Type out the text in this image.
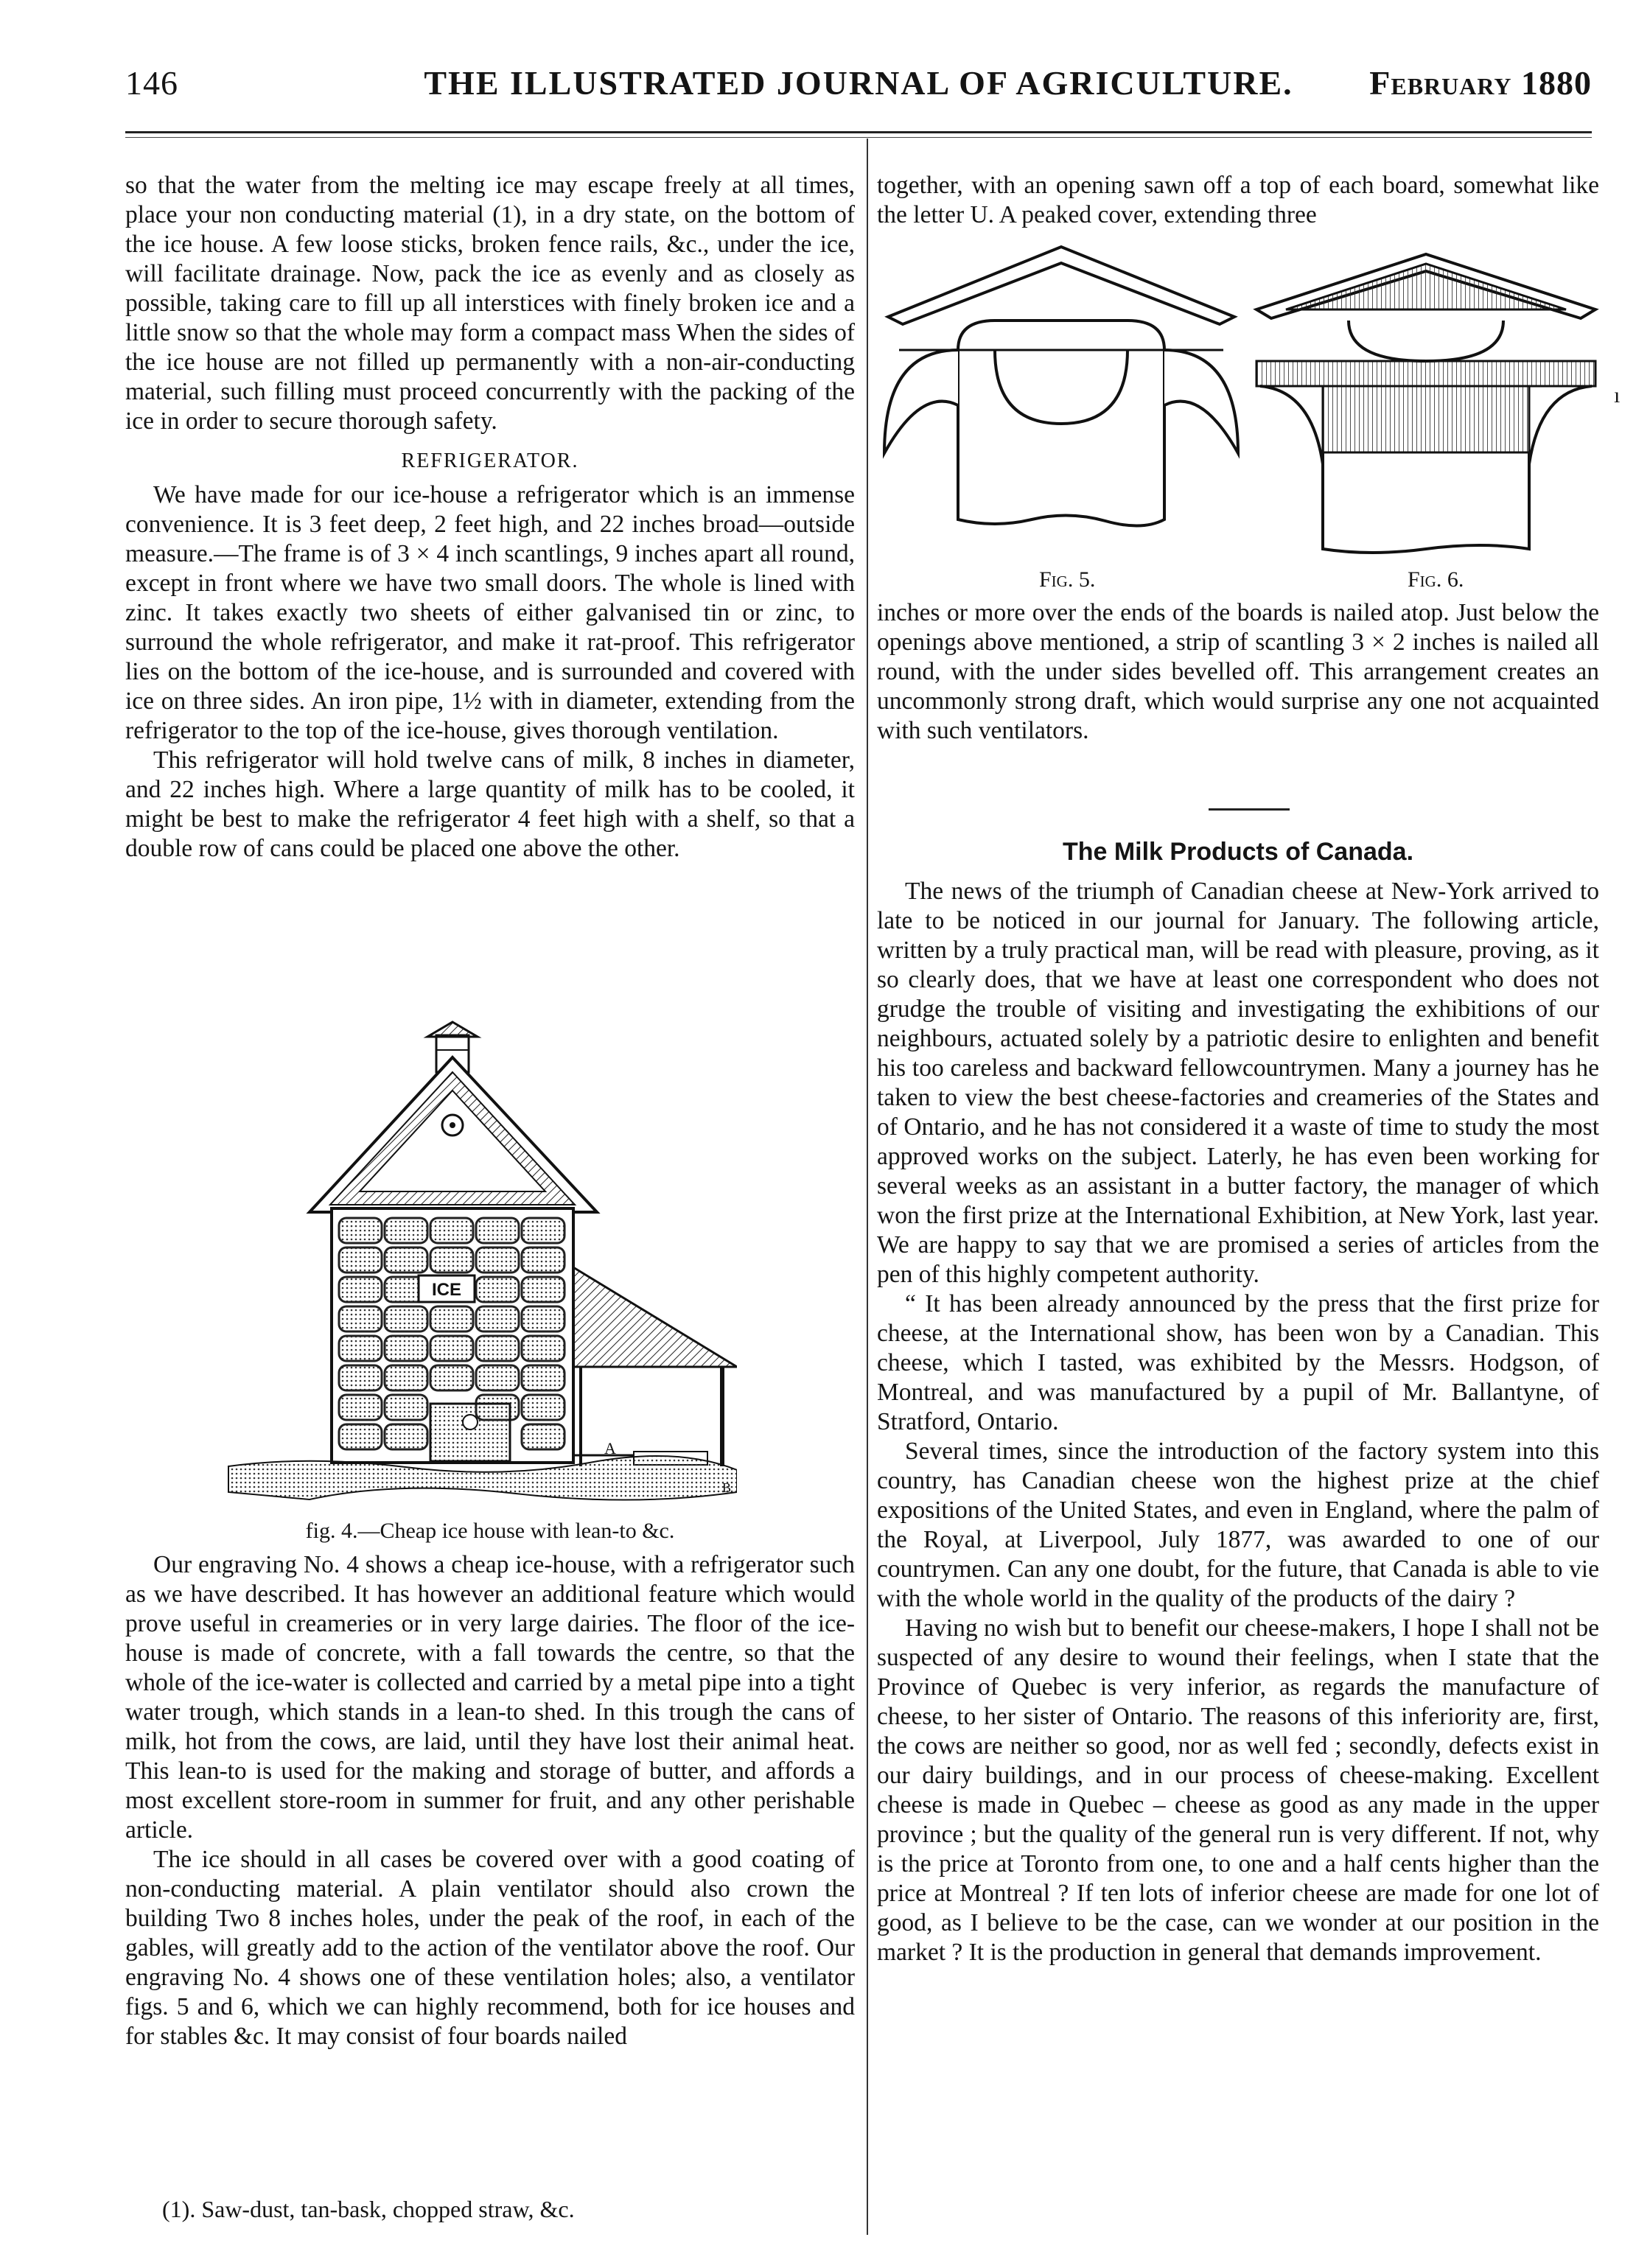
146	THE ILLUSTRATED JOURNAL OF AGRICULTURE.	February 1880

so that the water from the melting ice may escape freely at all times, place your non conducting material (1), in a dry state, on the bottom of the ice house. A few loose sticks, broken fence rails, &c., under the ice, will facilitate drainage. Now, pack the ice as evenly and as closely as possible, taking care to fill up all interstices with finely broken ice and a little snow so that the whole may form a compact mass When the sides of the ice house are not filled up permanently with a non-air-conducting material, such filling must proceed concurrently with the packing of the ice in order to secure thorough safety.

REFRIGERATOR.

We have made for our ice-house a refrigerator which is an immense convenience. It is 3 feet deep, 2 feet high, and 22 inches broad—outside measure.—The frame is of 3 × 4 inch scantlings, 9 inches apart all round, except in front where we have two small doors. The whole is lined with zinc. It takes exactly two sheets of either galvanised tin or zinc, to surround the whole refrigerator, and make it rat-proof. This refrigerator lies on the bottom of the ice-house, and is surrounded and covered with ice on three sides. An iron pipe, 1½ with in diameter, extending from the refrigerator to the top of the ice-house, gives thorough ventilation.

This refrigerator will hold twelve cans of milk, 8 inches in diameter, and 22 inches high. Where a large quantity of milk has to be cooled, it might be best to make the refrigerator 4 feet high with a shelf, so that a double row of cans could be placed one above the other.

ICE
A
fig. 4.—Cheap ice house with lean-to &c.

Our engraving No. 4 shows a cheap ice-house, with a refrigerator such as we have described. It has however an additional feature which would prove useful in creameries or in very large dairies. The floor of the ice-house is made of concrete, with a fall towards the centre, so that the whole of the ice-water is collected and carried by a metal pipe into a tight water trough, which stands in a lean-to shed. In this trough the cans of milk, hot from the cows, are laid, until they have lost their animal heat. This lean-to is used for the making and storage of butter, and affords a most excellent store-room in summer for fruit, and any other perishable article.

The ice should in all cases be covered over with a good coating of non-conducting material. A plain ventilator should also crown the building Two 8 inches holes, under the peak of the roof, in each of the gables, will greatly add to the action of the ventilator above the roof. Our engraving No. 4 shows one of these ventilation holes; also, a ventilator figs. 5 and 6, which we can highly recommend, both for ice houses and for stables &c. It may consist of four boards nailed

(1). Saw-dust, tan-bask, chopped straw, &c.

together, with an opening sawn off a top of each board, somewhat like the letter U. A peaked cover, extending three

Fig. 5.	Fig. 6.

inches or more over the ends of the boards is nailed atop. Just below the openings above mentioned, a strip of scantling 3 × 2 inches is nailed all round, with the under sides bevelled off. This arrangement creates an uncommonly strong draft, which would surprise any one not acquainted with such ventilators.

The Milk Products of Canada.

The news of the triumph of Canadian cheese at New-York arrived to late to be noticed in our journal for January. The following article, written by a truly practical man, will be read with pleasure, proving, as it so clearly does, that we have at least one correspondent who does not grudge the trouble of visiting and investigating the exhibitions of our neighbours, actuated solely by a patriotic desire to enlighten and benefit his too careless and backward fellowcountrymen. Many a journey has he taken to view the best cheese-factories and creameries of the States and of Ontario, and he has not considered it a waste of time to study the most approved works on the subject. Laterly, he has even been working for several weeks as an assistant in a butter factory, the manager of which won the first prize at the International Exhibition, at New York, last year. We are happy to say that we are promised a series of articles from the pen of this highly competent authority.

“ It has been already announced by the press that the first prize for cheese, at the International show, has been won by a Canadian. This cheese, which I tasted, was exhibited by the Messrs. Hodgson, of Montreal, and was manufactured by a pupil of Mr. Ballantyne, of Stratford, Ontario.

Several times, since the introduction of the factory system into this country, has Canadian cheese won the highest prize at the chief expositions of the United States, and even in England, where the palm of the Royal, at Liverpool, July 1877, was awarded to one of our countrymen. Can any one doubt, for the future, that Canada is able to vie with the whole world in the quality of the products of the dairy ?

Having no wish but to benefit our cheese-makers, I hope I shall not be suspected of any desire to wound their feelings, when I state that the Province of Quebec is very inferior, as regards the manufacture of cheese, to her sister of Ontario. The reasons of this inferiority are, first, the cows are neither so good, nor as well fed ; secondly, defects exist in our dairy buildings, and in our process of cheese-making. Excellent cheese is made in Quebec – cheese as good as any made in the upper province ; but the quality of the general run is very different. If not, why is the price at Toronto from one, to one and a half cents higher than the price at Montreal ? If ten lots of inferior cheese are made for one lot of good, as I believe to be the case, can we wonder at our position in the market ? It is the production in general that demands improvement.

ı
